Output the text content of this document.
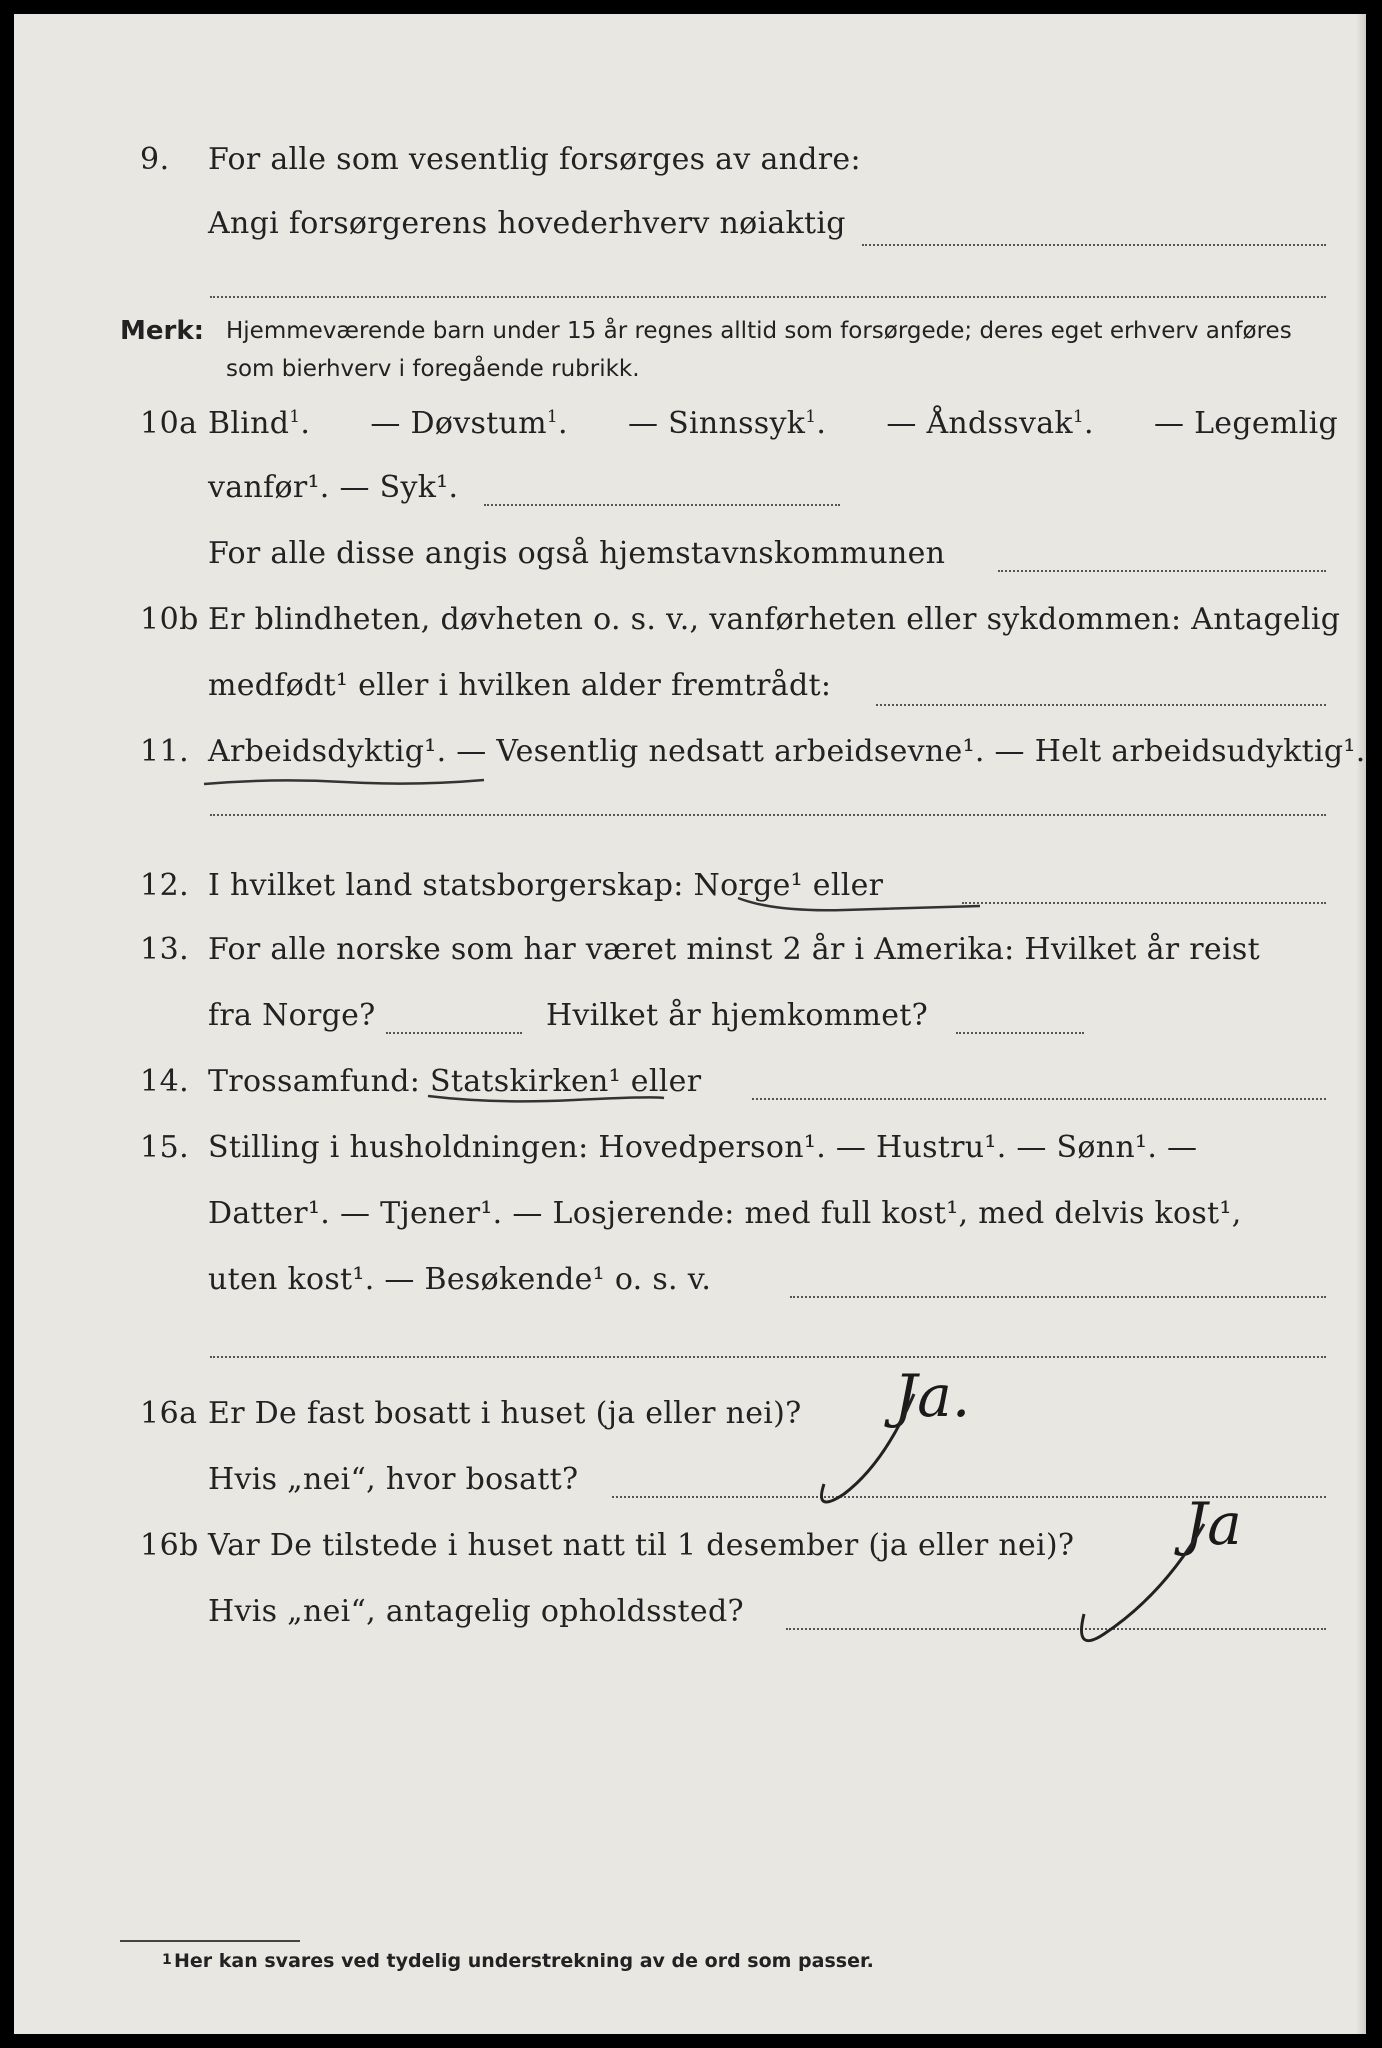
9. For alle som vesentlig forsørges av andre:
Angi forsørgerens hovederhverv nøiaktig
Merk: Hjemmeværende barn under 15 år regnes alltid som forsørgede; deres eget erhverv anføres som bierhverv i foregående rubrikk.
10a Blind$^1$. — Døvstum$^1$. — Sinnssyk$^1$. — Åndssvak$^1$. — Legemlig
vanfør¹. — Syk¹.
For alle disse angis også hjemstavnskommunen
10b Er blindheten, døvheten o. s. v., vanførheten eller sykdommen: Antagelig
medfødt¹ eller i hvilken alder fremtrådt:
11. Arbeidsdyktig¹. — Vesentlig nedsatt arbeidsevne¹. — Helt arbeidsudyktig¹.
12. I hvilket land statsborgerskap: Norge¹ eller
13. For alle norske som har været minst 2 år i Amerika: Hvilket år reist
fra Norge?	Hvilket år hjemkommet?
14. Trossamfund: Statskirken¹ eller
15. Stilling i husholdningen: Hovedperson¹. — Hustru¹. — Sønn¹. —
Datter¹. — Tjener¹. — Losjerende: med full kost¹, med delvis kost¹,
uten kost¹. — Besøkende¹ o. s. v.
16a Er De fast bosatt i huset (ja eller nei)? Ja.
Hvis „nei“, hvor bosatt?
16b Var De tilstede i huset natt til 1 desember (ja eller nei)? Ja
Hvis „nei“, antagelig opholdssted?
1 Her kan svares ved tydelig understrekning av de ord som passer.
